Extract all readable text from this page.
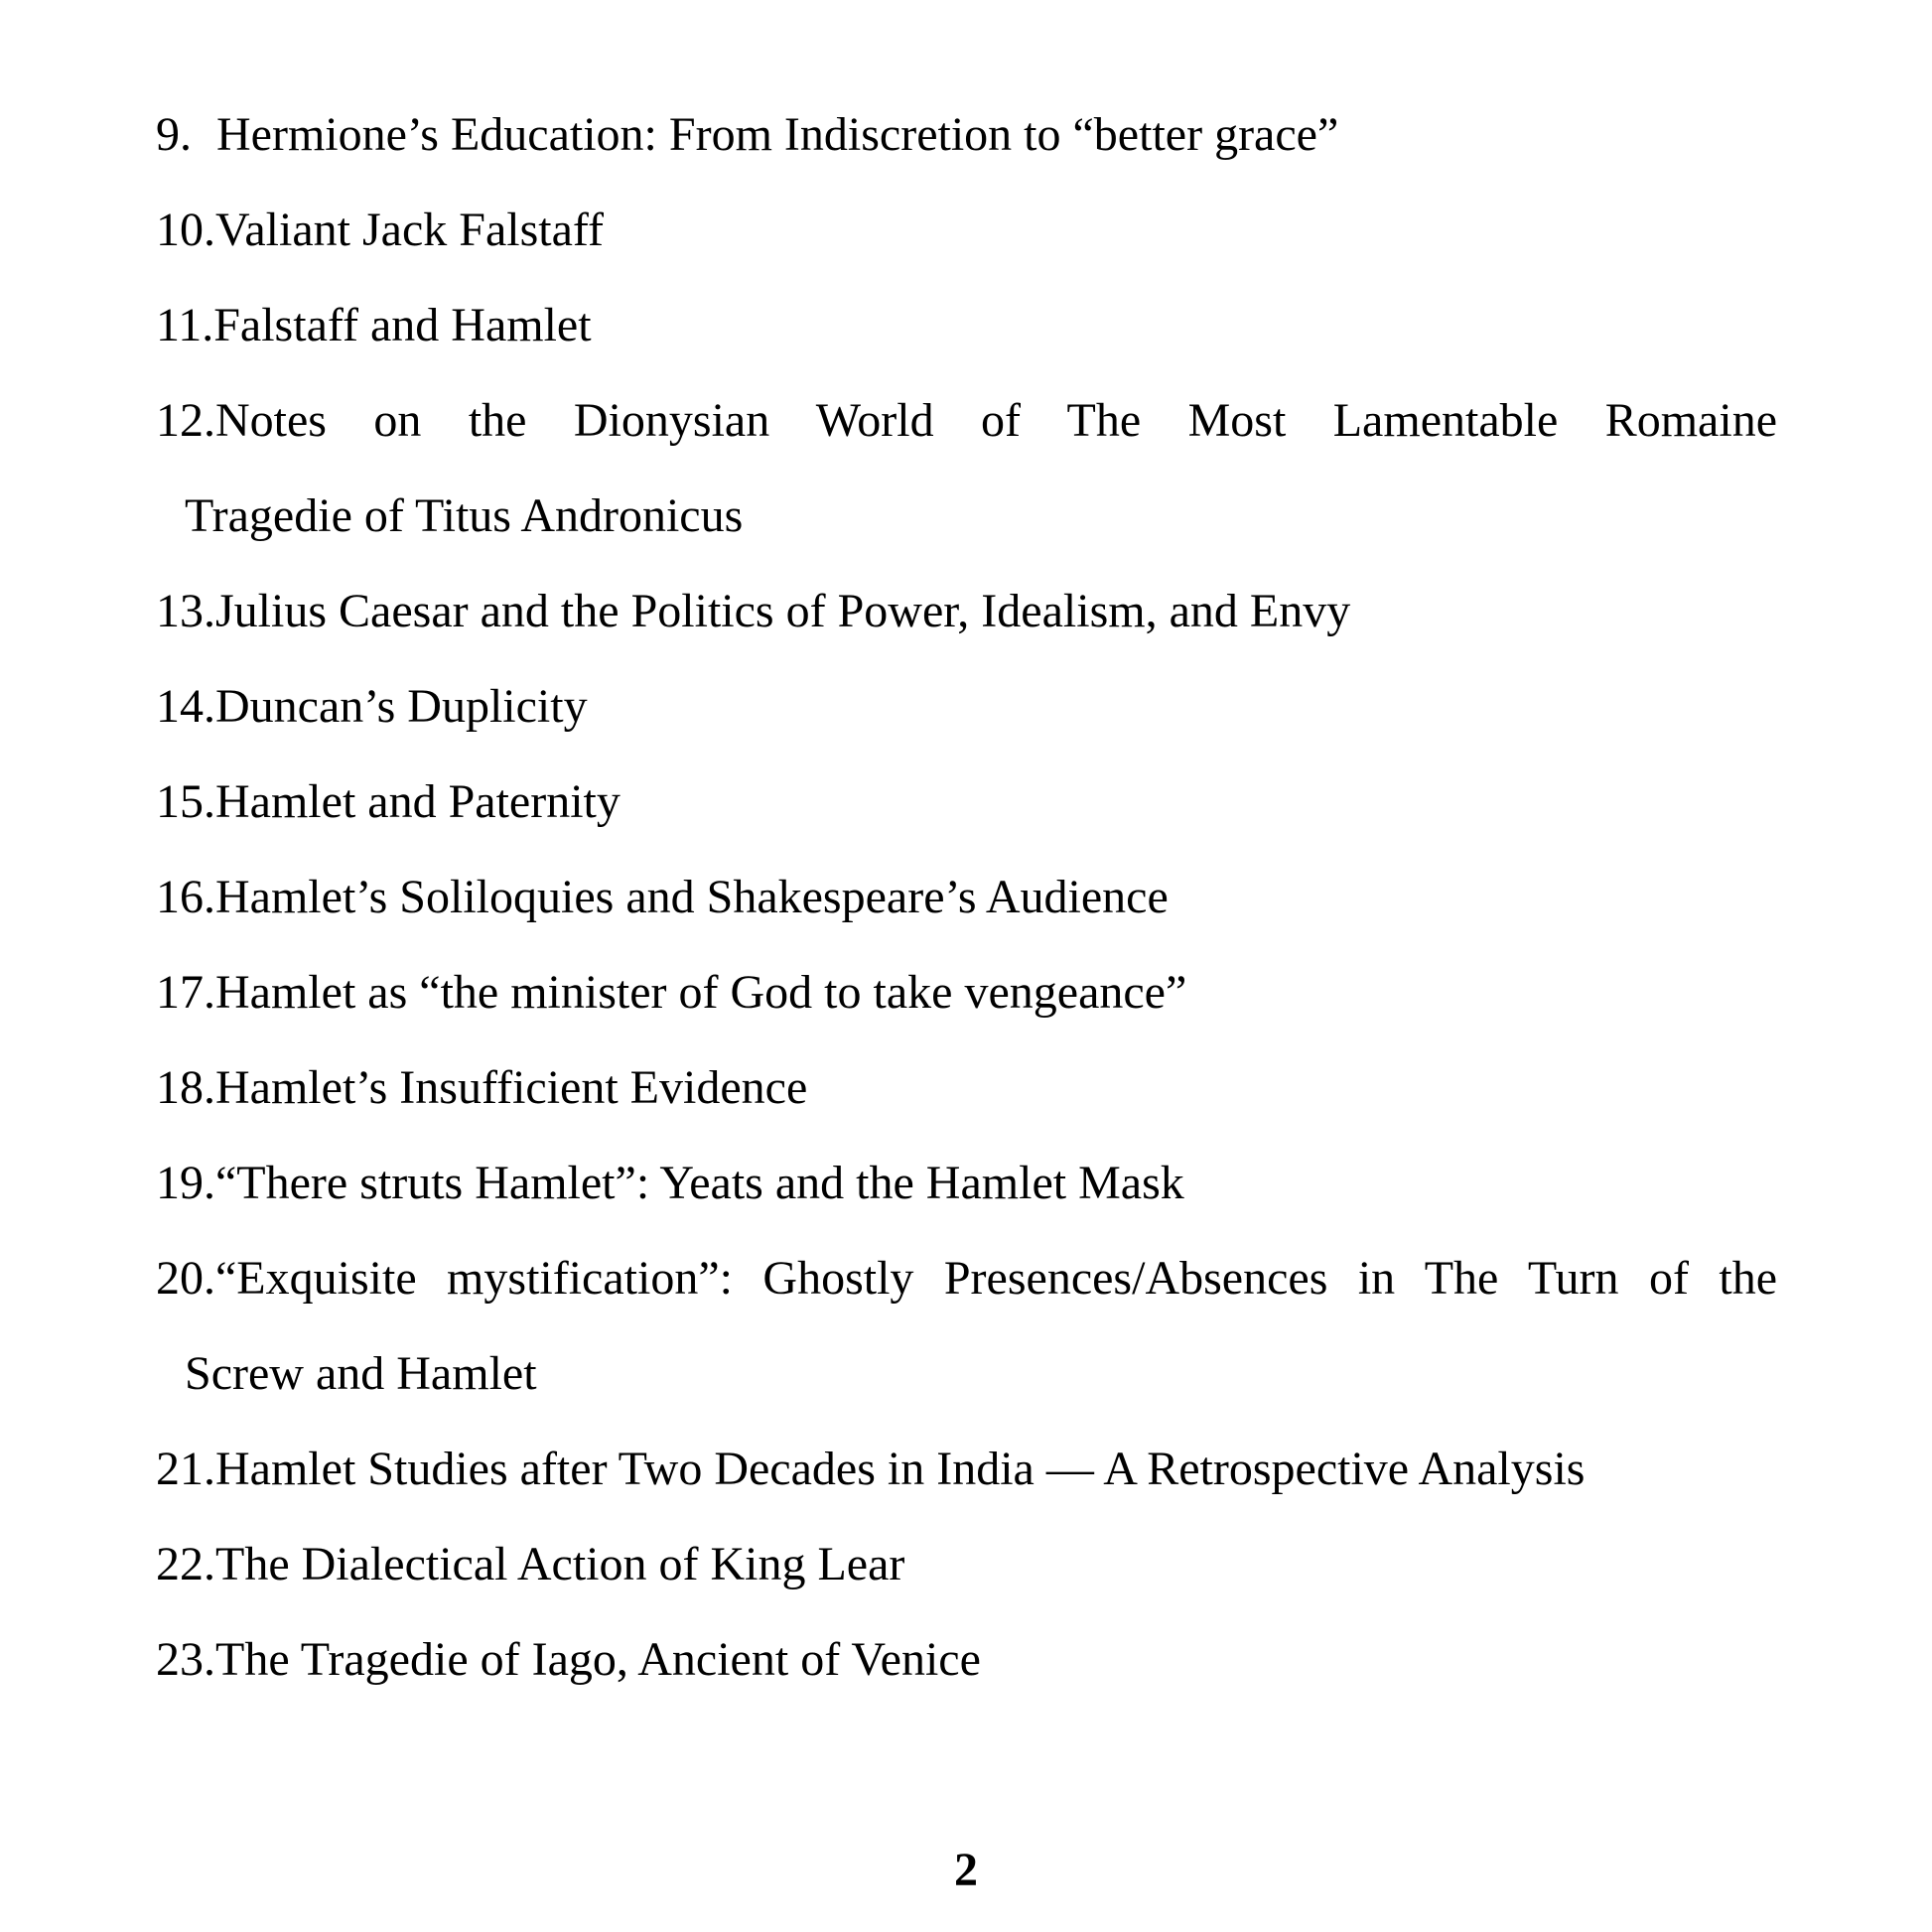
9. Hermione’s Education: From Indiscretion to “better grace”
10.Valiant Jack Falstaff
11.Falstaff and Hamlet
12.Notes on the Dionysian World of The Most Lamentable Romaine
Tragedie of Titus Andronicus
13.Julius Caesar and the Politics of Power, Idealism, and Envy
14.Duncan’s Duplicity
15.Hamlet and Paternity
16.Hamlet’s Soliloquies and Shakespeare’s Audience
17.Hamlet as “the minister of God to take vengeance”
18.Hamlet’s Insufficient Evidence
19.“There struts Hamlet”: Yeats and the Hamlet Mask
20.“Exquisite mystification”: Ghostly Presences/Absences in The Turn of the
Screw and Hamlet
21.Hamlet Studies after Two Decades in India — A Retrospective Analysis
22.The Dialectical Action of King Lear
23.The Tragedie of Iago, Ancient of Venice
2
